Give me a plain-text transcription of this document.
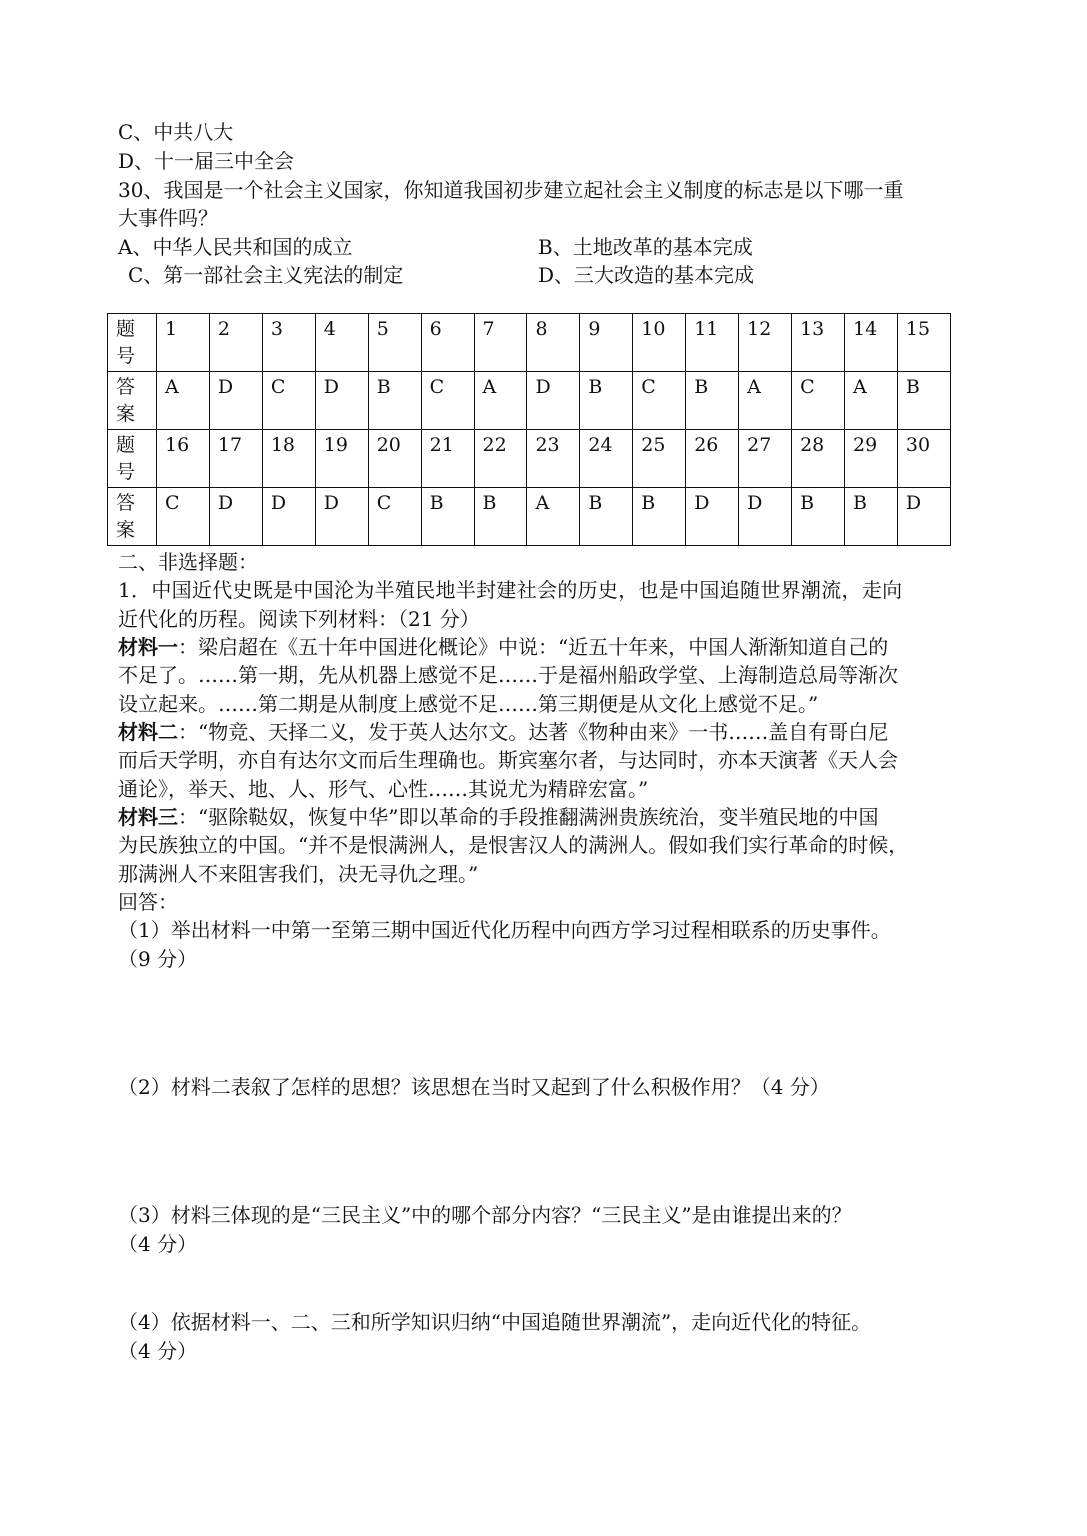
C、中共八大
D、十一届三中全会
30、我国是一个社会主义国家，你知道我国初步建立起社会主义制度的标志是以下哪一重
大事件吗？
A、中华人民共和国的成立	B、土地改革的基本完成
C、第一部社会主义宪法的制定	D、三大改造的基本完成
题号	1	2	3	4	5	6	7	8	9	10	11	12	13	14	15
答案	A	D	C	D	B	C	A	D	B	C	B	A	C	A	B
题号	16	17	18	19	20	21	22	23	24	25	26	27	28	29	30
答案	C	D	D	D	C	B	B	A	B	B	D	D	B	B	D
二、非选择题：
1．中国近代史既是中国沦为半殖民地半封建社会的历史，也是中国追随世界潮流，走向
近代化的历程。阅读下列材料：（21 分）
材料一：梁启超在《五十年中国进化概论》中说：“近五十年来，中国人渐渐知道自己的
不足了。……第一期，先从机器上感觉不足……于是福州船政学堂、上海制造总局等渐次
设立起来。……第二期是从制度上感觉不足……第三期便是从文化上感觉不足。”
材料二：“物竞、天择二义，发于英人达尔文。达著《物种由来》一书……盖自有哥白尼
而后天学明，亦自有达尔文而后生理确也。斯宾塞尔者，与达同时，亦本天演著《天人会
通论》，举天、地、人、形气、心性……其说尤为精辟宏富。”
材料三：“驱除鞑奴，恢复中华”即以革命的手段推翻满洲贵族统治，变半殖民地的中国
为民族独立的中国。“并不是恨满洲人，是恨害汉人的满洲人。假如我们实行革命的时候，
那满洲人不来阻害我们，决无寻仇之理。”
回答：
（1）举出材料一中第一至第三期中国近代化历程中向西方学习过程相联系的历史事件。
（9 分）
（2）材料二表叙了怎样的思想？该思想在当时又起到了什么积极作用？（4 分）
（3）材料三体现的是“三民主义”中的哪个部分内容？“三民主义”是由谁提出来的？
（4 分）
（4）依据材料一、二、三和所学知识归纳“中国追随世界潮流”，走向近代化的特征。
（4 分）
